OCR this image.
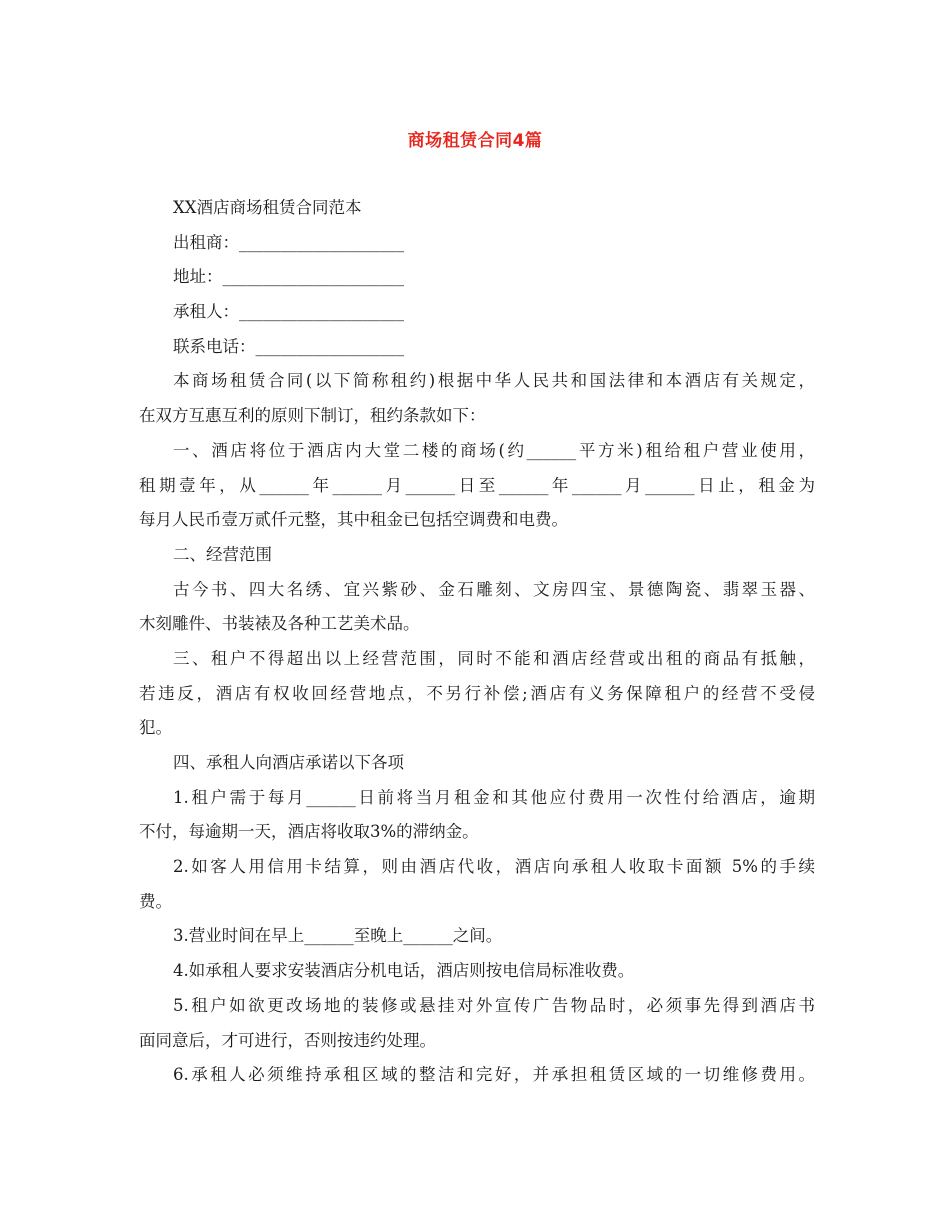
商场租赁合同4篇
XX酒店商场租赁合同范本
出租商：____________________
地址：______________________
承租人：____________________
联系电话：__________________
本商场租赁合同(以下简称租约)根据中华人民共和国法律和本酒店有关规定，
在双方互惠互利的原则下制订，租约条款如下：
一、酒店将位于酒店内大堂二楼的商场(约______平方米)租给租户营业使用，
租期壹年，从______年______月______日至______年______月______日止，租金为
每月人民币壹万贰仟元整，其中租金已包括空调费和电费。
二、经营范围
古今书、四大名绣、宜兴紫砂、金石雕刻、文房四宝、景德陶瓷、翡翠玉器、
木刻雕件、书装裱及各种工艺美术品。
三、租户不得超出以上经营范围，同时不能和酒店经营或出租的商品有抵触，
若违反，酒店有权收回经营地点，不另行补偿;酒店有义务保障租户的经营不受侵
犯。
四、承租人向酒店承诺以下各项
1.租户需于每月______日前将当月租金和其他应付费用一次性付给酒店，逾期
不付，每逾期一天，酒店将收取3%的滞纳金。
2.如客人用信用卡结算，则由酒店代收，酒店向承租人收取卡面额 5%的手续
费。
3.营业时间在早上______至晚上______之间。
4.如承租人要求安装酒店分机电话，酒店则按电信局标准收费。
5.租户如欲更改场地的装修或悬挂对外宣传广告物品时，必须事先得到酒店书
面同意后，才可进行，否则按违约处理。
6.承租人必须维持承租区域的整洁和完好，并承担租赁区域的一切维修费用。
